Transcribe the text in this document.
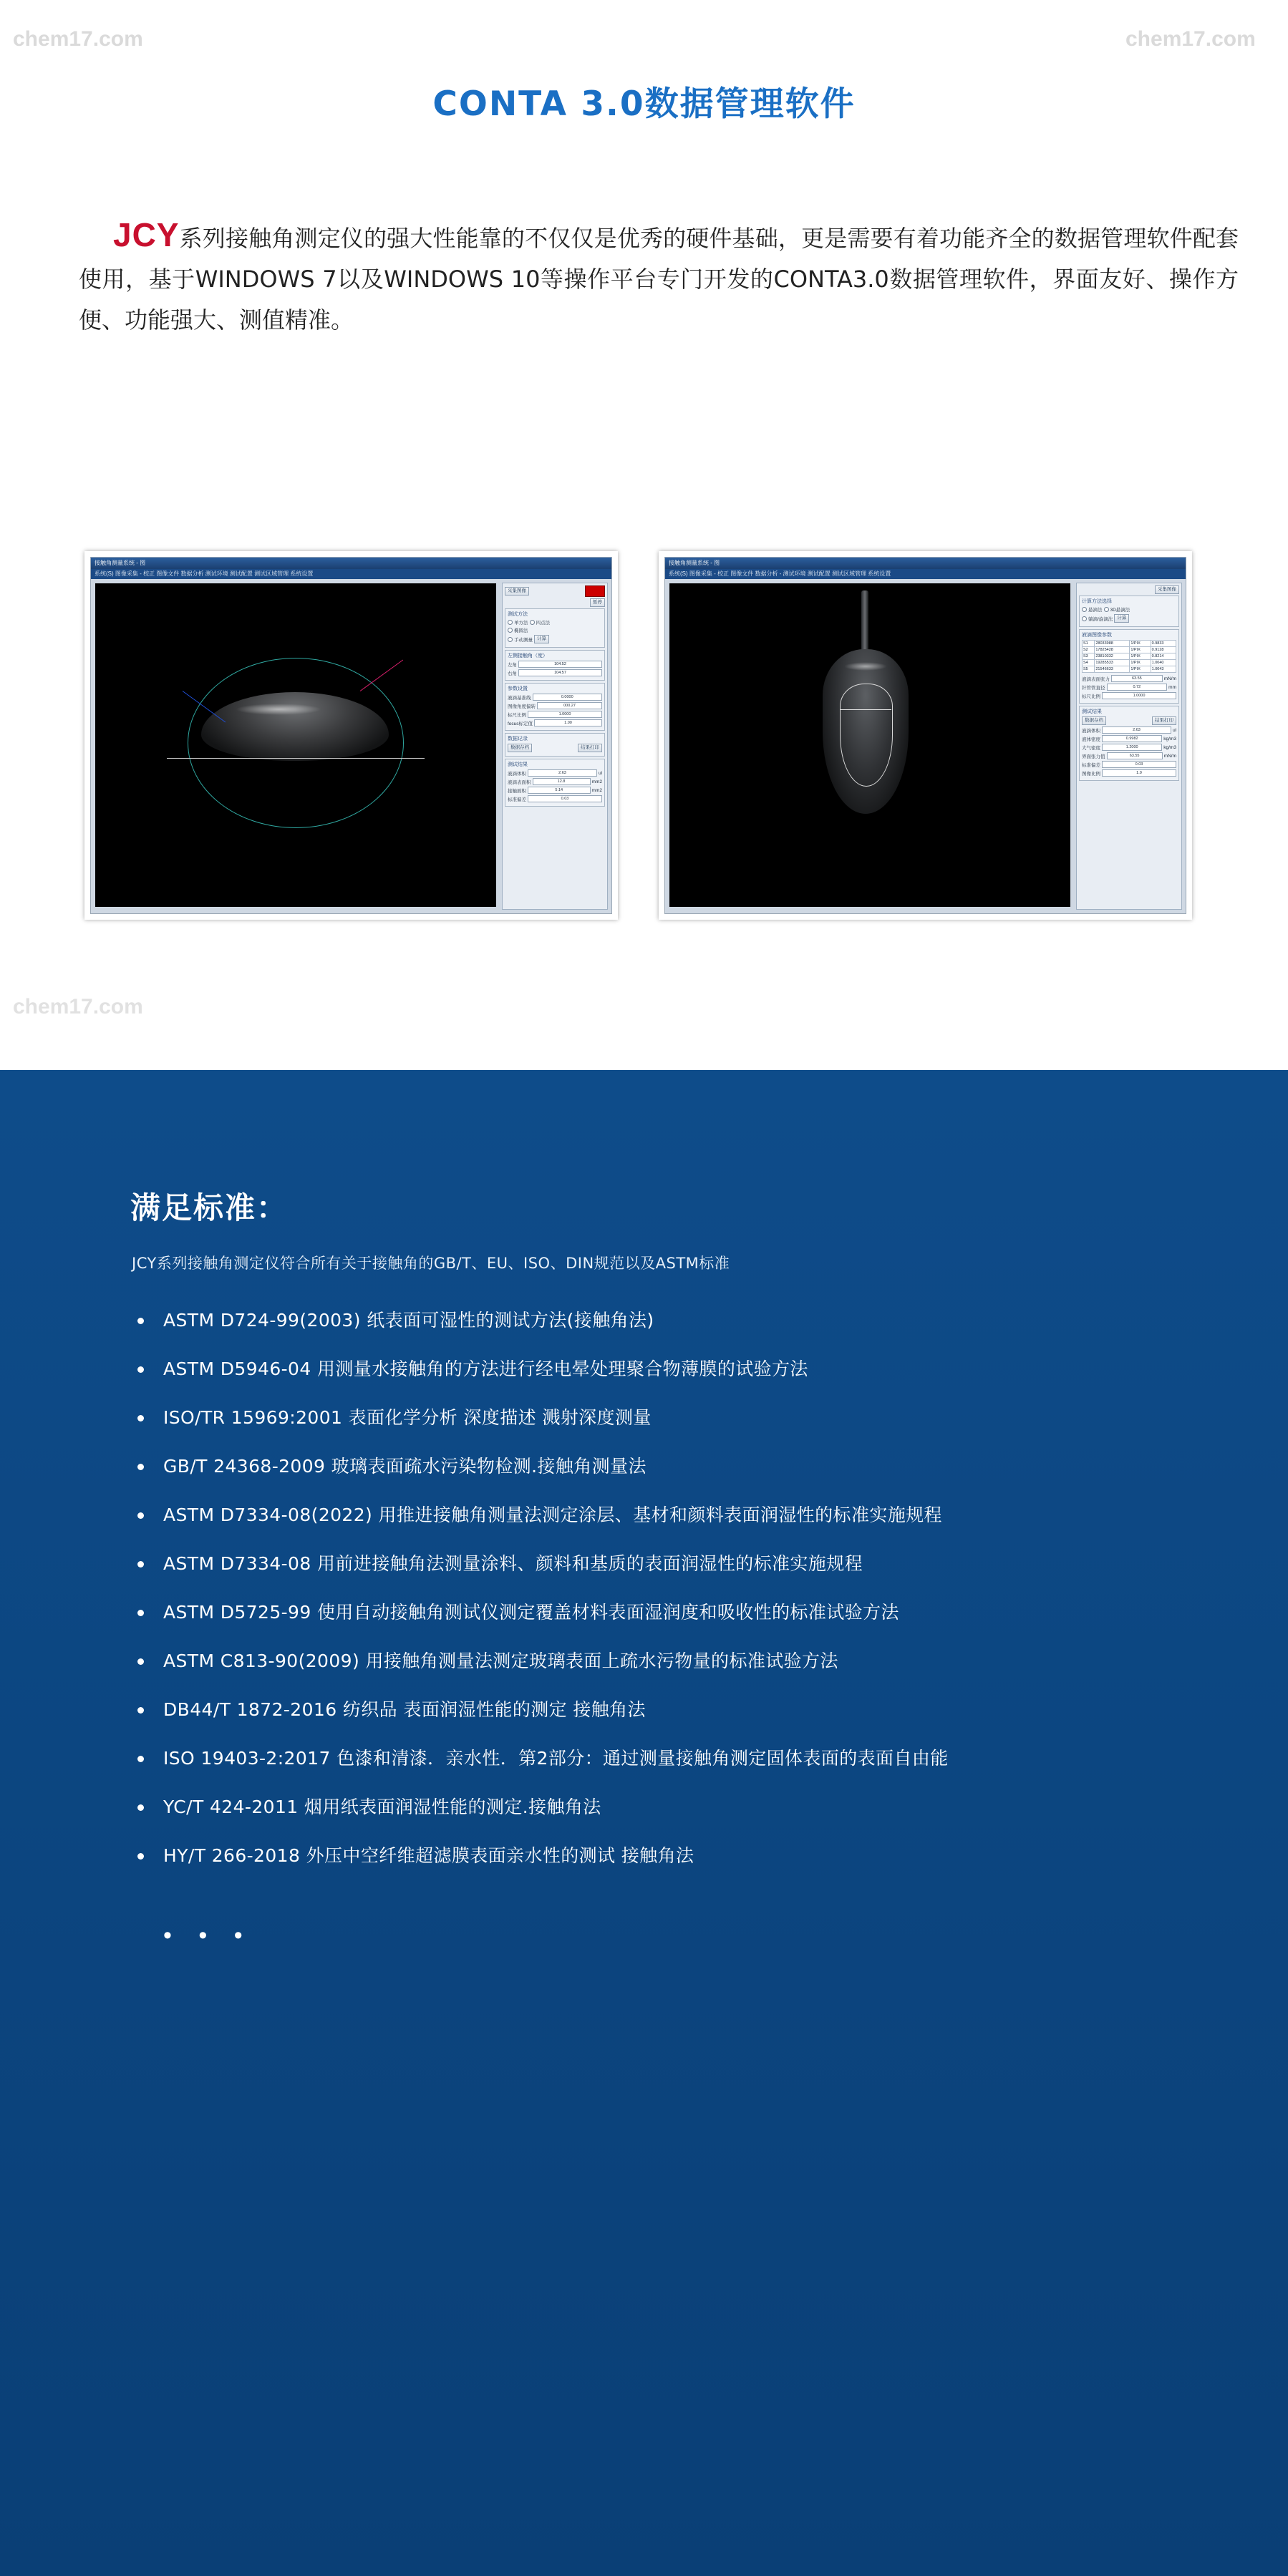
chem17.com	chem17.com
chem17.com
CONTA 3.0数据管理软件
JCY系列接触角测定仪的强大性能靠的不仅仅是优秀的硬件基础，更是需要有着功能齐全的数据管理软件配套使用，基于WINDOWS 7以及WINDOWS 10等操作平台专门开发的CONTA3.0数据管理软件，界面友好、操作方便、功能强大、测值精准。
接触角测量系统 - 图
系统(S) 图像采集 - 校正 图像文件 数据分析 测试环境 测试配置 测试区域管理 系统设置
采集图像
暂停
测试方法
单方法 四点法
椭圆法
手动测量 计算
左侧接触角（度）
左角	104.52
右角	104.57
参数设置
液滴基准线	0.0000
图像角度偏转	000.27
标尺比例	1.0000
focus标定值	1.00
数据记录
数据存档	结果打印
测试结果
液滴体积	2.63	ul
液滴表面积	12.8	mm2
接触面积	5.14	mm2
标准偏差	0.03
接触角测量系统 - 图
系统(S) 图像采集 - 校正 图像文件 数据分析 - 测试环境 测试配置 测试区域管理 系统设置
采集图像
计算方法选择
悬滴法 3D悬滴法
躺滴/旋滴法 计算
液滴图像参数
S1	28033988	1/PIX	0.9833
S2	17825428	1/PIX	0.9128
S3	23810332	1/PIX	0.8214
S4	19285533	1/PIX	1.0040
S5	21546633	1/PIX	1.0043
液滴表面张力	63.55	mN/m
针管管直径	0.72	mm
标尺比例	1.0000
测试结果
数据存档	结果打印
液滴体积	2.63	ul
液体密度	0.9982	kg/m3
大气密度	1.2000	kg/m3
界面张力值	63.55	mN/m
标准偏差	0.03
图像比例	1.0
满足标准：
JCY系列接触角测定仪符合所有关于接触角的GB/T、EU、ISO、DIN规范以及ASTM标准
ASTM D724-99(2003) 纸表面可湿性的测试方法(接触角法)
ASTM D5946-04 用测量水接触角的方法进行经电晕处理聚合物薄膜的试验方法
ISO/TR 15969:2001 表面化学分析 深度描述 溅射深度测量
GB/T 24368-2009 玻璃表面疏水污染物检测.接触角测量法
ASTM D7334-08(2022) 用推进接触角测量法测定涂层、基材和颜料表面润湿性的标准实施规程
ASTM D7334-08 用前进接触角法测量涂料、颜料和基质的表面润湿性的标准实施规程
ASTM D5725-99 使用自动接触角测试仪测定覆盖材料表面湿润度和吸收性的标准试验方法
ASTM C813-90(2009) 用接触角测量法测定玻璃表面上疏水污物量的标准试验方法
DB44/T 1872-2016 纺织品 表面润湿性能的测定 接触角法
ISO 19403-2:2017 色漆和清漆．亲水性．第2部分：通过测量接触角测定固体表面的表面自由能
YC/T 424-2011 烟用纸表面润湿性能的测定.接触角法
HY/T 266-2018 外压中空纤维超滤膜表面亲水性的测试 接触角法
• • •
